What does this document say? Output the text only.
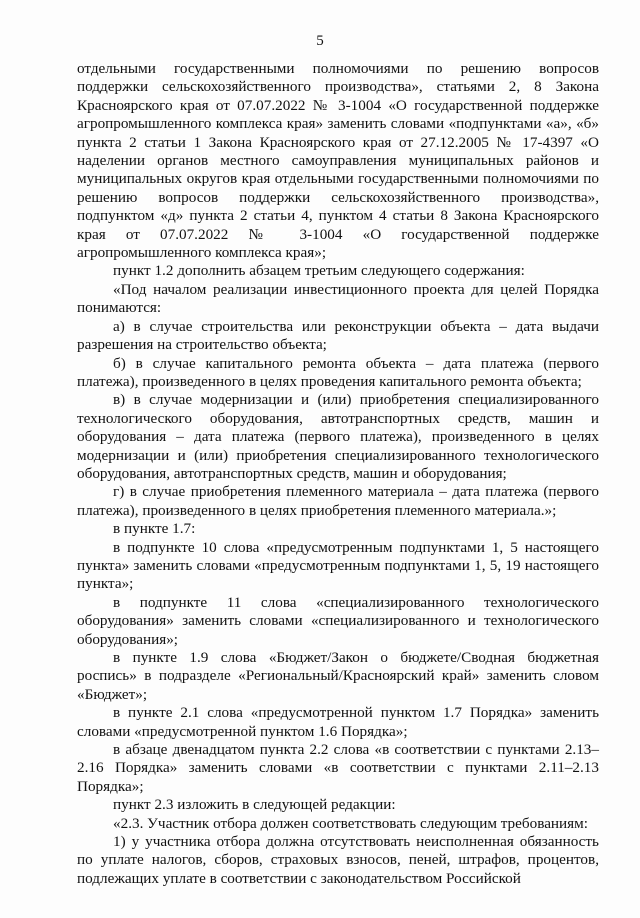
5

отдельными государственными полномочиями по решению вопросов поддержки сельскохозяйственного производства», статьями 2, 8 Закона Красноярского края от 07.07.2022 № 3-1004 «О государственной поддержке агропромышленного комплекса края» заменить словами «подпунктами «а», «б» пункта 2 статьи 1 Закона Красноярского края от 27.12.2005 № 17-4397 «О наделении органов местного самоуправления муниципальных районов и муниципальных округов края отдельными государственными полномочиями по решению вопросов поддержки сельскохозяйственного производства», подпунктом «д» пункта 2 статьи 4, пунктом 4 статьи 8 Закона Красноярского края от 07.07.2022 № 3-1004 «О государственной поддержке агропромышленного комплекса края»;

пункт 1.2 дополнить абзацем третьим следующего содержания:

«Под началом реализации инвестиционного проекта для целей Порядка понимаются:

а) в случае строительства или реконструкции объекта – дата выдачи разрешения на строительство объекта;

б) в случае капитального ремонта объекта – дата платежа (первого платежа), произведенного в целях проведения капитального ремонта объекта;

в) в случае модернизации и (или) приобретения специализированного технологического оборудования, автотранспортных средств, машин и оборудования – дата платежа (первого платежа), произведенного в целях модернизации и (или) приобретения специализированного технологического оборудования, автотранспортных средств, машин и оборудования;

г) в случае приобретения племенного материала – дата платежа (первого платежа), произведенного в целях приобретения племенного материала.»;

в пункте 1.7:

в подпункте 10 слова «предусмотренным подпунктами 1, 5 настоящего пункта» заменить словами «предусмотренным подпунктами 1, 5, 19 настоящего пункта»;

в подпункте 11 слова «специализированного технологического оборудования» заменить словами «специализированного и технологического оборудования»;

в пункте 1.9 слова «Бюджет/Закон о бюджете/Сводная бюджетная роспись» в подразделе «Региональный/Красноярский край» заменить словом «Бюджет»;

в пункте 2.1 слова «предусмотренной пунктом 1.7 Порядка» заменить словами «предусмотренной пунктом 1.6 Порядка»;

в абзаце двенадцатом пункта 2.2 слова «в соответствии с пунктами 2.13–2.16 Порядка» заменить словами «в соответствии с пунктами 2.11–2.13 Порядка»;

пункт 2.3 изложить в следующей редакции:

«2.3. Участник отбора должен соответствовать следующим требованиям:

1) у участника отбора должна отсутствовать неисполненная обязанность по уплате налогов, сборов, страховых взносов, пеней, штрафов, процентов, подлежащих уплате в соответствии с законодательством Российской
